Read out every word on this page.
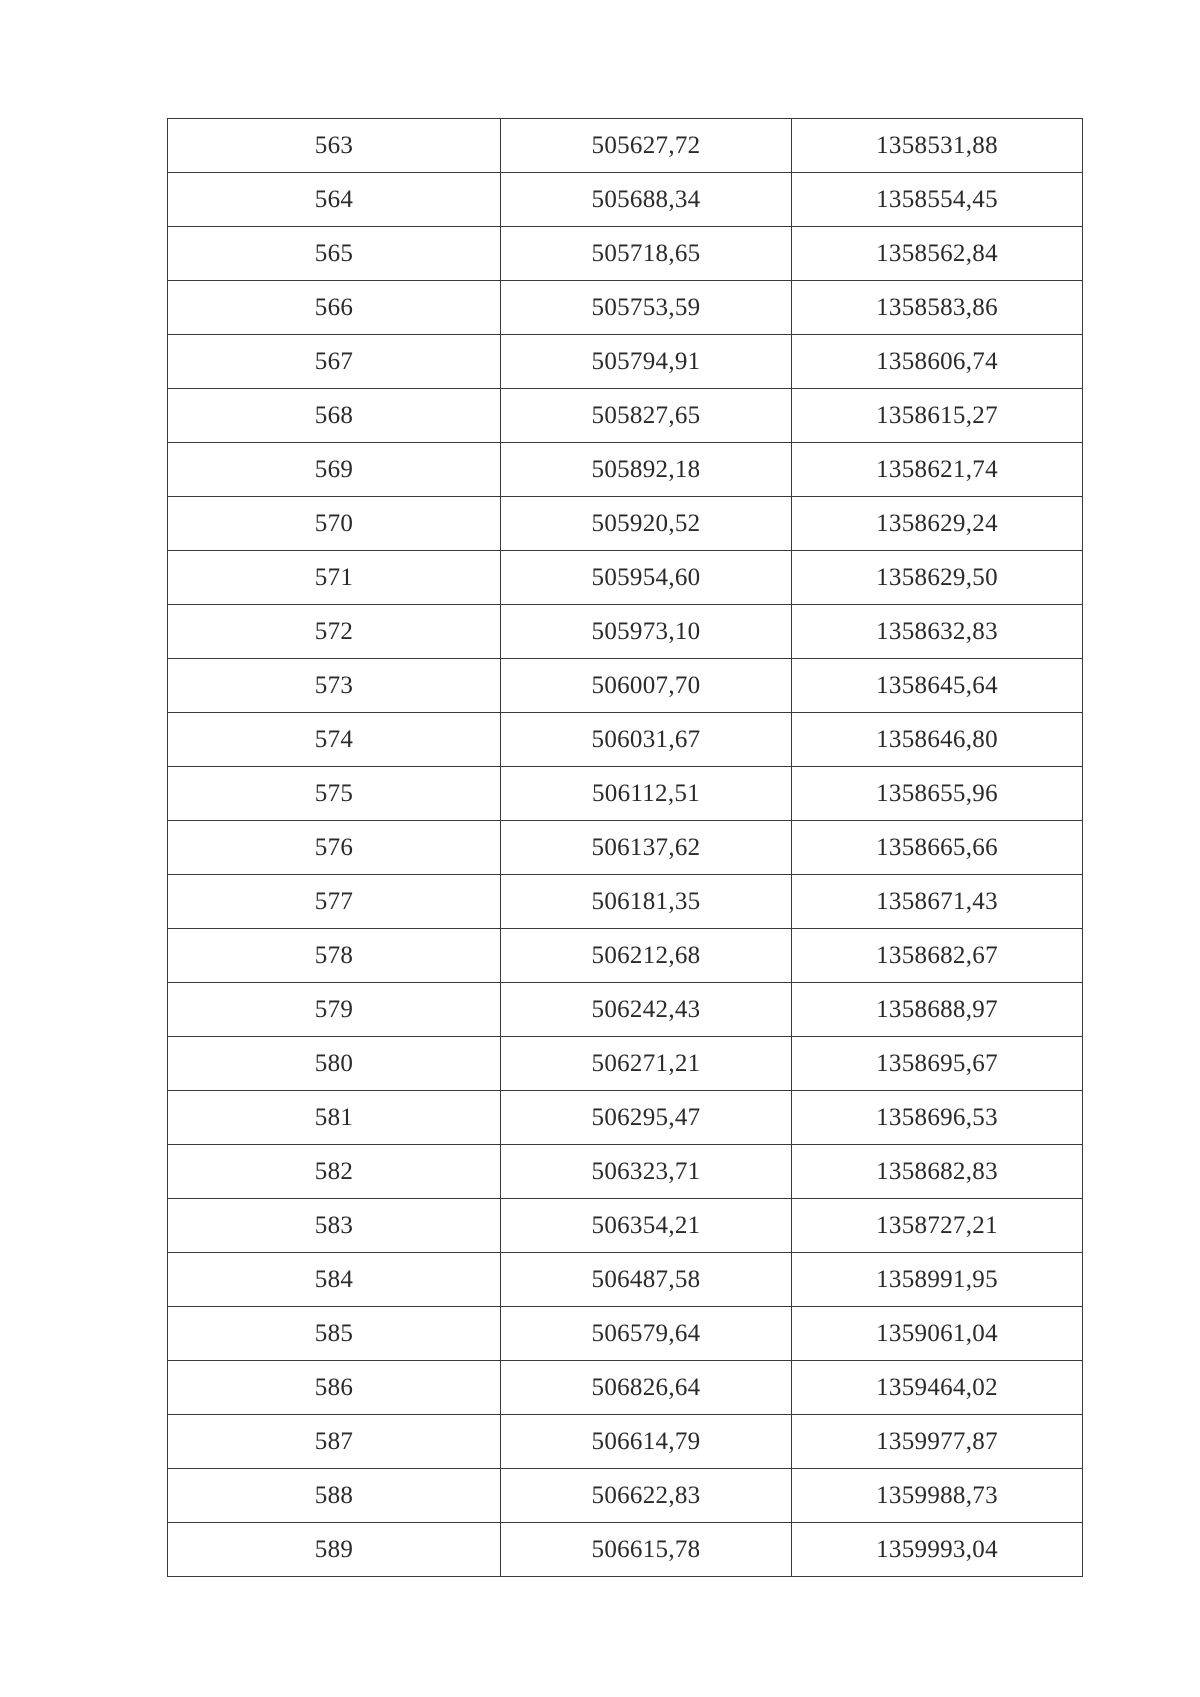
563	505627,72	1358531,88
564	505688,34	1358554,45
565	505718,65	1358562,84
566	505753,59	1358583,86
567	505794,91	1358606,74
568	505827,65	1358615,27
569	505892,18	1358621,74
570	505920,52	1358629,24
571	505954,60	1358629,50
572	505973,10	1358632,83
573	506007,70	1358645,64
574	506031,67	1358646,80
575	506112,51	1358655,96
576	506137,62	1358665,66
577	506181,35	1358671,43
578	506212,68	1358682,67
579	506242,43	1358688,97
580	506271,21	1358695,67
581	506295,47	1358696,53
582	506323,71	1358682,83
583	506354,21	1358727,21
584	506487,58	1358991,95
585	506579,64	1359061,04
586	506826,64	1359464,02
587	506614,79	1359977,87
588	506622,83	1359988,73
589	506615,78	1359993,04
